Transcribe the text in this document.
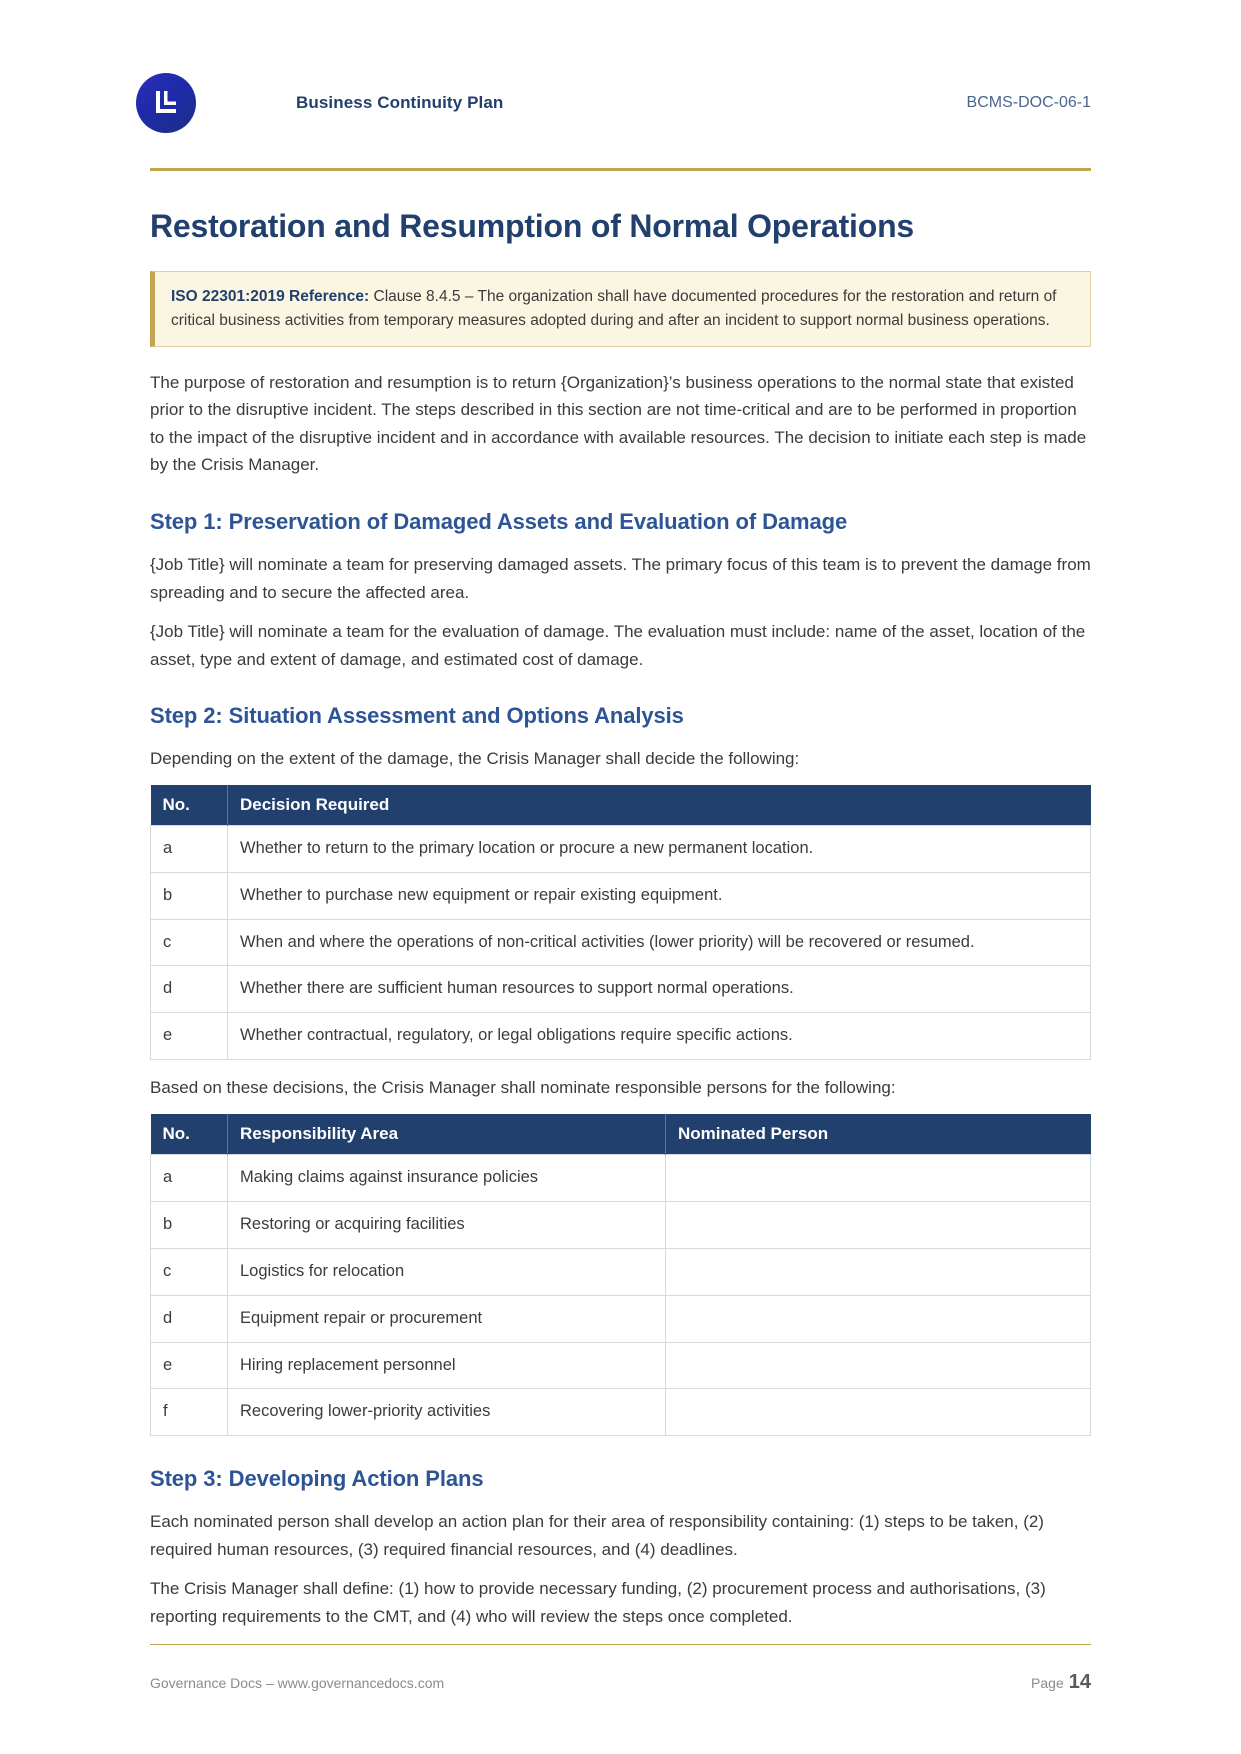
Business Continuity Plan	BCMS-DOC-06-1
Restoration and Resumption of Normal Operations
ISO 22301:2019 Reference: Clause 8.4.5 – The organization shall have documented procedures for the restoration and return of critical business activities from temporary measures adopted during and after an incident to support normal business operations.

The purpose of restoration and resumption is to return {Organization}’s business operations to the normal state that existed prior to the disruptive incident. The steps described in this section are not time-critical and are to be performed in proportion to the impact of the disruptive incident and in accordance with available resources. The decision to initiate each step is made by the Crisis Manager.

Step 1: Preservation of Damaged Assets and Evaluation of Damage

{Job Title} will nominate a team for preserving damaged assets. The primary focus of this team is to prevent the damage from spreading and to secure the affected area.

{Job Title} will nominate a team for the evaluation of damage. The evaluation must include: name of the asset, location of the asset, type and extent of damage, and estimated cost of damage.

Step 2: Situation Assessment and Options Analysis

Depending on the extent of the damage, the Crisis Manager shall decide the following:

No.	Decision Required
a	Whether to return to the primary location or procure a new permanent location.
b	Whether to purchase new equipment or repair existing equipment.
c	When and where the operations of non-critical activities (lower priority) will be recovered or resumed.
d	Whether there are sufficient human resources to support normal operations.
e	Whether contractual, regulatory, or legal obligations require specific actions.

Based on these decisions, the Crisis Manager shall nominate responsible persons for the following:

No.	Responsibility Area	Nominated Person
a	Making claims against insurance policies	
b	Restoring or acquiring facilities	
c	Logistics for relocation	
d	Equipment repair or procurement	
e	Hiring replacement personnel	
f	Recovering lower-priority activities	
Step 3: Developing Action Plans

Each nominated person shall develop an action plan for their area of responsibility containing: (1) steps to be taken, (2) required human resources, (3) required financial resources, and (4) deadlines.

The Crisis Manager shall define: (1) how to provide necessary funding, (2) procurement process and authorisations, (3) reporting requirements to the CMT, and (4) who will review the steps once completed.

Governance Docs – www.governancedocs.com	Page 14
